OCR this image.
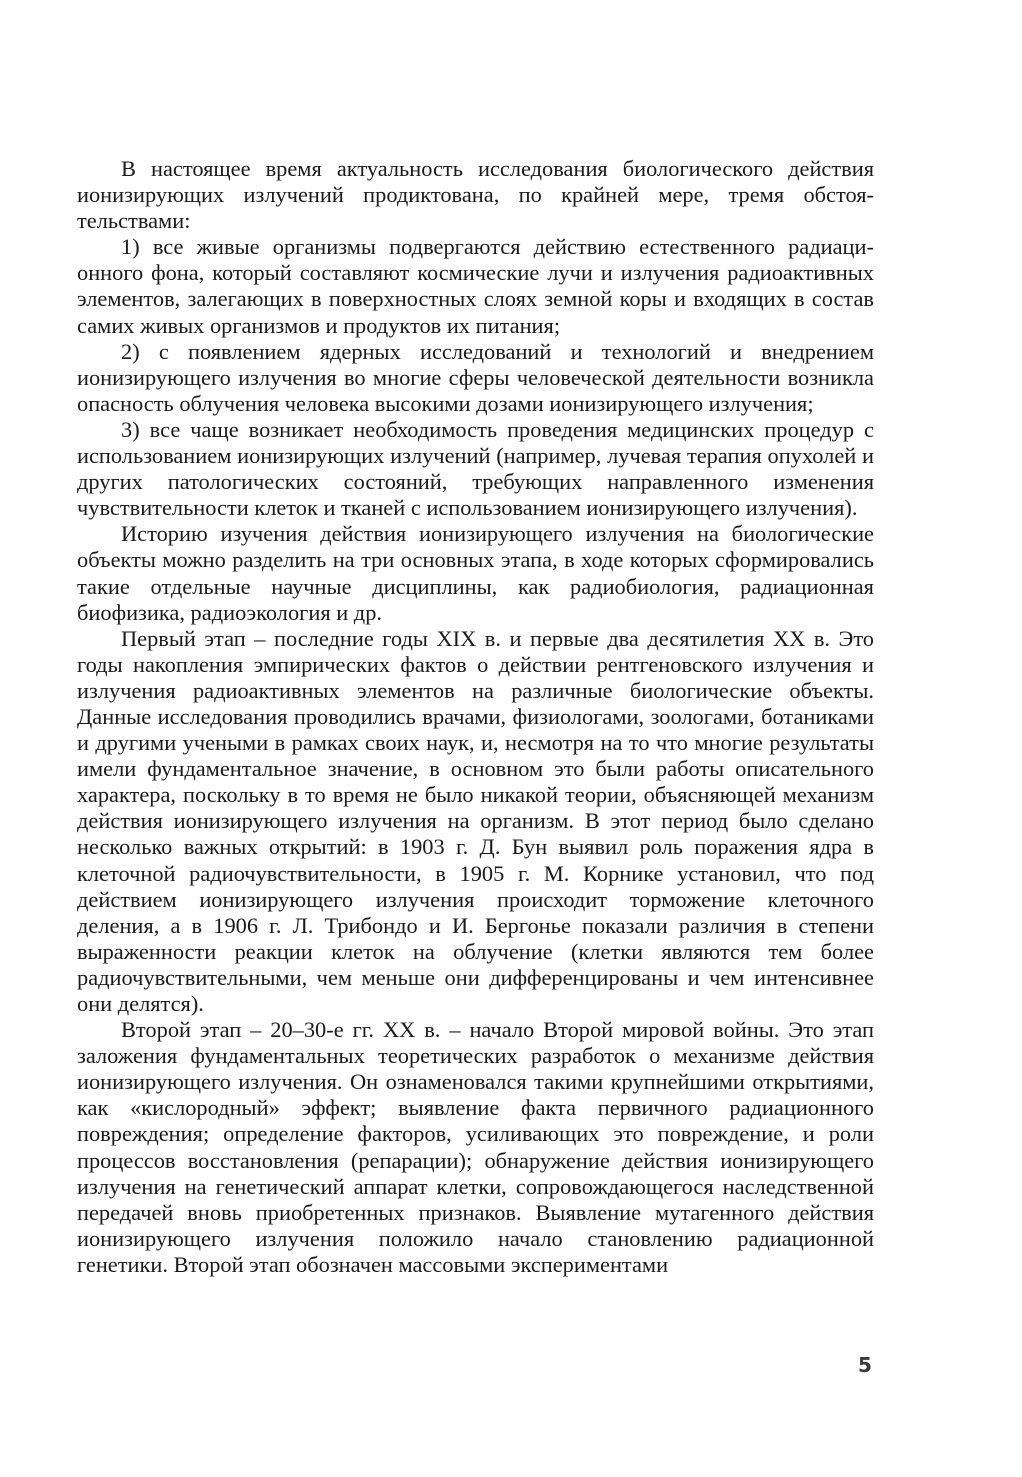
В настоящее время актуальность исследования биологического действия ионизирующих излучений продиктована, по крайней мере, тремя обстоятельствами:

1) все живые организмы подвергаются действию естественного радиационного фона, который составляют космические лучи и излучения радиоактивных элементов, залегающих в поверхностных слоях земной коры и входящих в состав самих живых организмов и продуктов их питания;

2) с появлением ядерных исследований и технологий и внедрением ионизирующего излучения во многие сферы человеческой деятельности возникла опасность облучения человека высокими дозами ионизирующего излучения;

3) все чаще возникает необходимость проведения медицинских процедур с использованием ионизирующих излучений (например, лучевая терапия опухолей и других патологических состояний, требующих направленного изменения чувствительности клеток и тканей с использованием ионизирующего излучения).

Историю изучения действия ионизирующего излучения на биологические объекты можно разделить на три основных этапа, в ходе которых сформировались такие отдельные научные дисциплины, как радиобиология, радиационная биофизика, радиоэкология и др.

Первый этап – последние годы XIX в. и первые два десятилетия XX в. Это годы накопления эмпирических фактов о действии рентгеновского излучения и излучения радиоактивных элементов на различные биологические объекты. Данные исследования проводились врачами, физиологами, зоологами, ботаниками и другими учеными в рамках своих наук, и, несмотря на то что многие результаты имели фундаментальное значение, в основном это были работы описательного характера, поскольку в то время не было никакой теории, объясняющей механизм действия ионизирующего излучения на организм. В этот период было сделано несколько важных открытий: в 1903 г. Д. Бун выявил роль поражения ядра в клеточной радиочувствительности, в 1905 г. М. Корнике установил, что под действием ионизирующего излучения происходит торможение клеточного деления, а в 1906 г. Л. Трибондо и И. Бергонье показали различия в степени выраженности реакции клеток на облучение (клетки являются тем более радиочувствительными, чем меньше они дифференцированы и чем интенсивнее они делятся).

Второй этап – 20–30-е гг. XX в. – начало Второй мировой войны. Это этап заложения фундаментальных теоретических разработок о механизме действия ионизирующего излучения. Он ознаменовался такими крупнейшими открытиями, как «кислородный» эффект; выявление факта первичного радиационного повреждения; определение факторов, усиливающих это повреждение, и роли процессов восстановления (репарации); обнаружение действия ионизирующего излучения на генетический аппарат клетки, сопровождающегося наследственной передачей вновь приобретенных признаков. Выявление мутагенного действия ионизирующего излучения положило начало становлению радиационной генетики. Второй этап обозначен массовыми экспериментами

5
